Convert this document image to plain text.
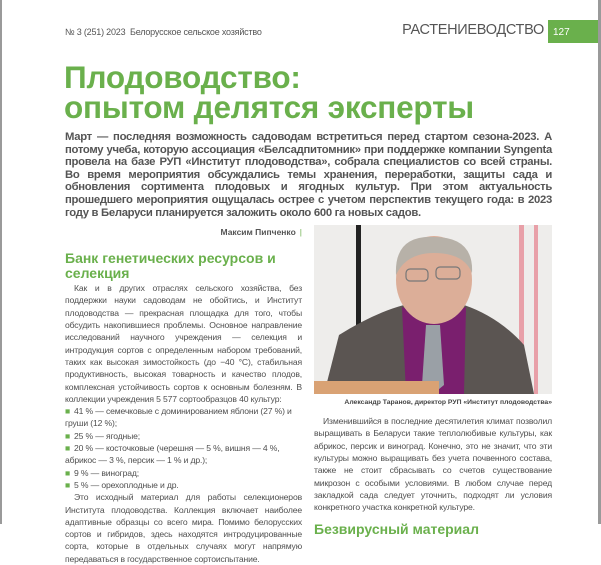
№ 3 (251) 2023 Белорусское сельское хозяйство	РАСТЕНИЕВОДСТВО 127
Плодоводство:
опытом делятся эксперты
Март — последняя возможность садоводам встретиться перед стартом сезона-2023. А потому учеба, которую ассоциация «Белсадпитомник» при поддержке компании Syngenta провела на базе РУП «Институт плодоводства», собрала специалистов со всей страны. Во время мероприятия обсуждались темы хранения, переработки, защиты сада и обновления сортимента плодовых и ягодных культур. При этом актуальность прошедшего мероприятия ощущалась острее с учетом перспектив текущего года: в 2023 году в Беларуси планируется заложить около 600 га новых садов.
Максим Пипченко |
Банк генетических ресурсов и селекция
Как и в других отраслях сельского хозяйства, без поддержки науки садоводам не обойтись, и Институт плодоводства — прекрасная площадка для того, чтобы обсудить накопившиеся проблемы. Основное направление исследований научного учреждения — селекция и интродукция сортов с определенным набором требований, таких как высокая зимостойкость (до −40 °C), стабильная продуктивность, высокая товарность и качество плодов, комплексная устойчивость сортов к основным болезням. В коллекции учреждения 5 577 сортообразцов 40 культур:
■ 41 % — семечковые с доминированием яблони (27 %) и груши (12 %);
■ 25 % — ягодные;
■ 20 % — косточковые (черешня — 5 %, вишня — 4 %, абрикос — 3 %, персик — 1 % и др.);
■ 9 % — виноград;
■ 5 % — орехоплодные и др.
Это исходный материал для работы селекционеров Института плодоводства. Коллекция включает наиболее адаптивные образцы со всего мира. Помимо белорусских сортов и гибридов, здесь находятся интродуцированные сорта, которые в отдельных случаях могут напрямую передаваться в государственное сортоиспытание.
Александр Таранов, директор РУП «Институт плодоводства»
Изменившийся в последние десятилетия климат позволил выращивать в Беларуси такие теплолюбивые культуры, как абрикос, персик и виноград. Конечно, это не значит, что эти культуры можно выращивать без учета почвенного состава, также не стоит сбрасывать со счетов существование микрозон с особыми условиями. В любом случае перед закладкой сада следует уточнить, подходят ли условия конкретного участка конкретной культуре.
Безвирусный материал
